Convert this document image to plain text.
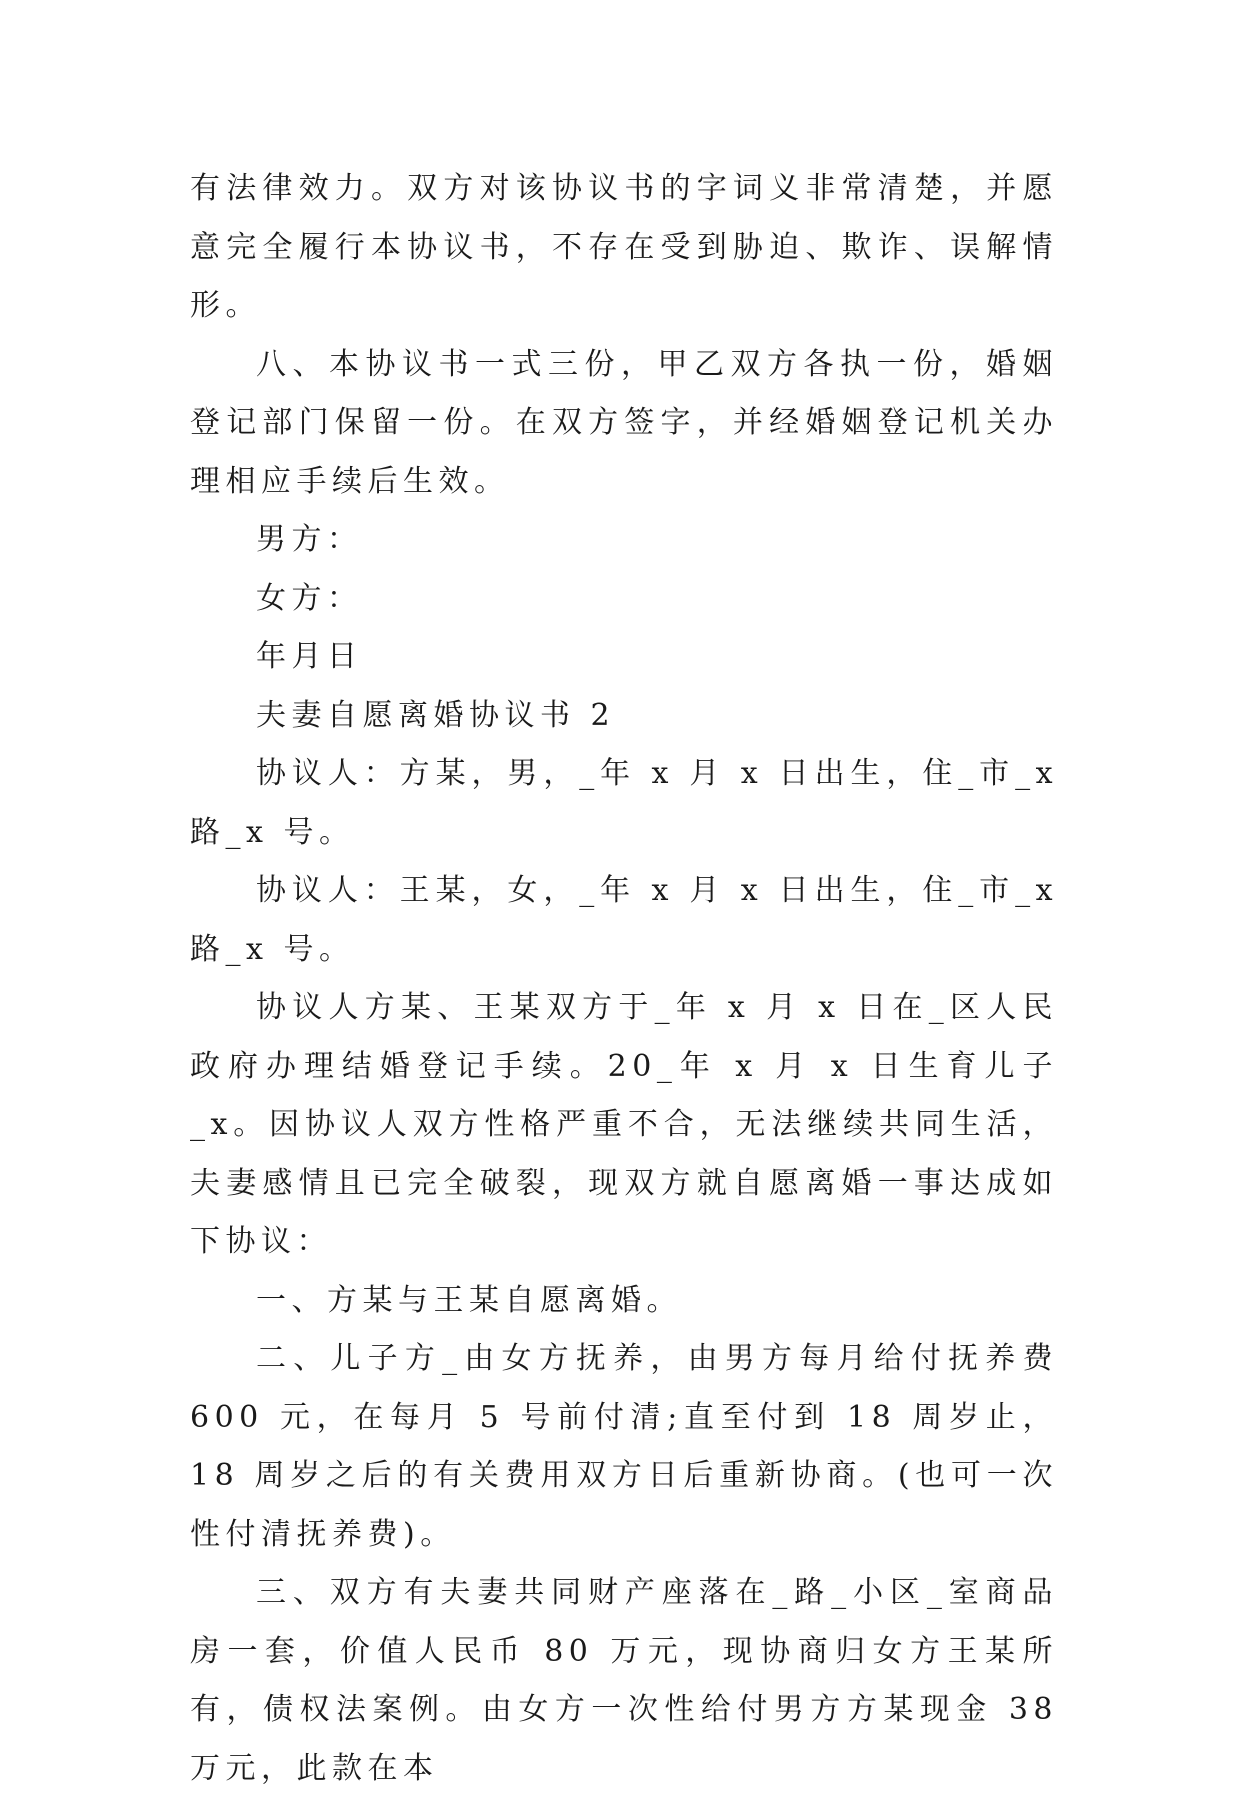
有法律效力。双方对该协议书的字词义非常清楚，并愿意完全履行本协议书，不存在受到胁迫、欺诈、误解情形。

八、本协议书一式三份，甲乙双方各执一份，婚姻登记部门保留一份。在双方签字，并经婚姻登记机关办理相应手续后生效。

男方：

女方：

年月日

夫妻自愿离婚协议书 2

协议人：方某，男，_年 x 月 x 日出生，住_市_x 路_x 号。

协议人：王某，女，_年 x 月 x 日出生，住_市_x 路_x 号。

协议人方某、王某双方于_年 x 月 x 日在_区人民政府办理结婚登记手续。20_年 x 月 x 日生育儿子_x。因协议人双方性格严重不合，无法继续共同生活，夫妻感情且已完全破裂，现双方就自愿离婚一事达成如下协议：

一、方某与王某自愿离婚。

二、儿子方_由女方抚养，由男方每月给付抚养费 600 元，在每月 5 号前付清;直至付到 18 周岁止，18 周岁之后的有关费用双方日后重新协商。(也可一次性付清抚养费)。

三、双方有夫妻共同财产座落在_路_小区_室商品房一套，价值人民币 80 万元，现协商归女方王某所有，债权法案例。由女方一次性给付男方方某现金 38 万元，此款在本
